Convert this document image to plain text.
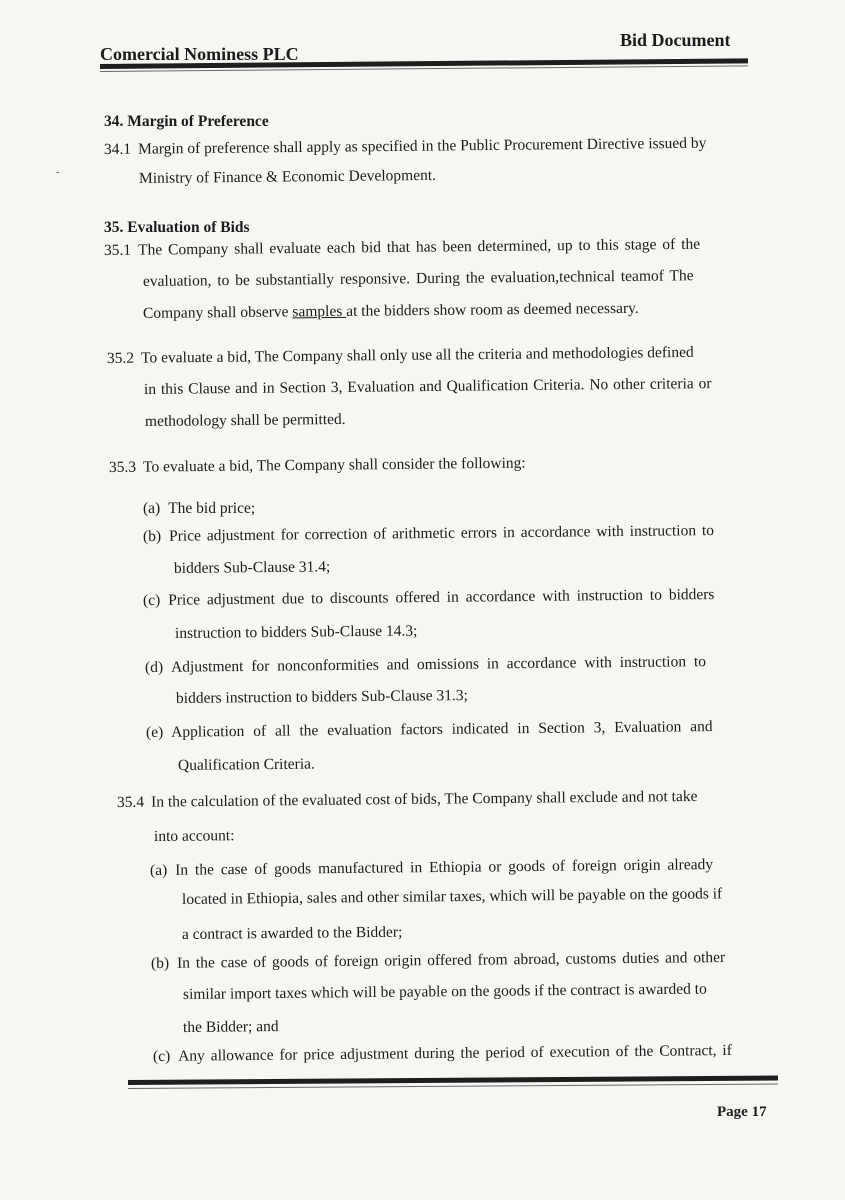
Comercial Nominess PLC
Bid Document
-
34. Margin of Preference
34.1 Margin of preference shall apply as specified in the Public Procurement Directive issued by
Ministry of Finance & Economic Development.
35. Evaluation of Bids
35.1 The Company shall evaluate each bid that has been determined, up to this stage of the
evaluation, to be substantially responsive. During the evaluation,technical teamof The
Company shall observe samples at the bidders show room as deemed necessary.
35.2 To evaluate a bid, The Company shall only use all the criteria and methodologies defined
in this Clause and in Section 3, Evaluation and Qualification Criteria. No other criteria or
methodology shall be permitted.
35.3 To evaluate a bid, The Company shall consider the following:
(a) The bid price;
(b) Price adjustment for correction of arithmetic errors in accordance with instruction to
bidders Sub-Clause 31.4;
(c) Price adjustment due to discounts offered in accordance with instruction to bidders
instruction to bidders Sub-Clause 14.3;
(d) Adjustment for nonconformities and omissions in accordance with instruction to
bidders instruction to bidders Sub-Clause 31.3;
(e) Application of all the evaluation factors indicated in Section 3, Evaluation and
Qualification Criteria.
35.4 In the calculation of the evaluated cost of bids, The Company shall exclude and not take
into account:
(a) In the case of goods manufactured in Ethiopia or goods of foreign origin already
located in Ethiopia, sales and other similar taxes, which will be payable on the goods if
a contract is awarded to the Bidder;
(b) In the case of goods of foreign origin offered from abroad, customs duties and other
similar import taxes which will be payable on the goods if the contract is awarded to
the Bidder; and
(c) Any allowance for price adjustment during the period of execution of the Contract, if
Page 17
